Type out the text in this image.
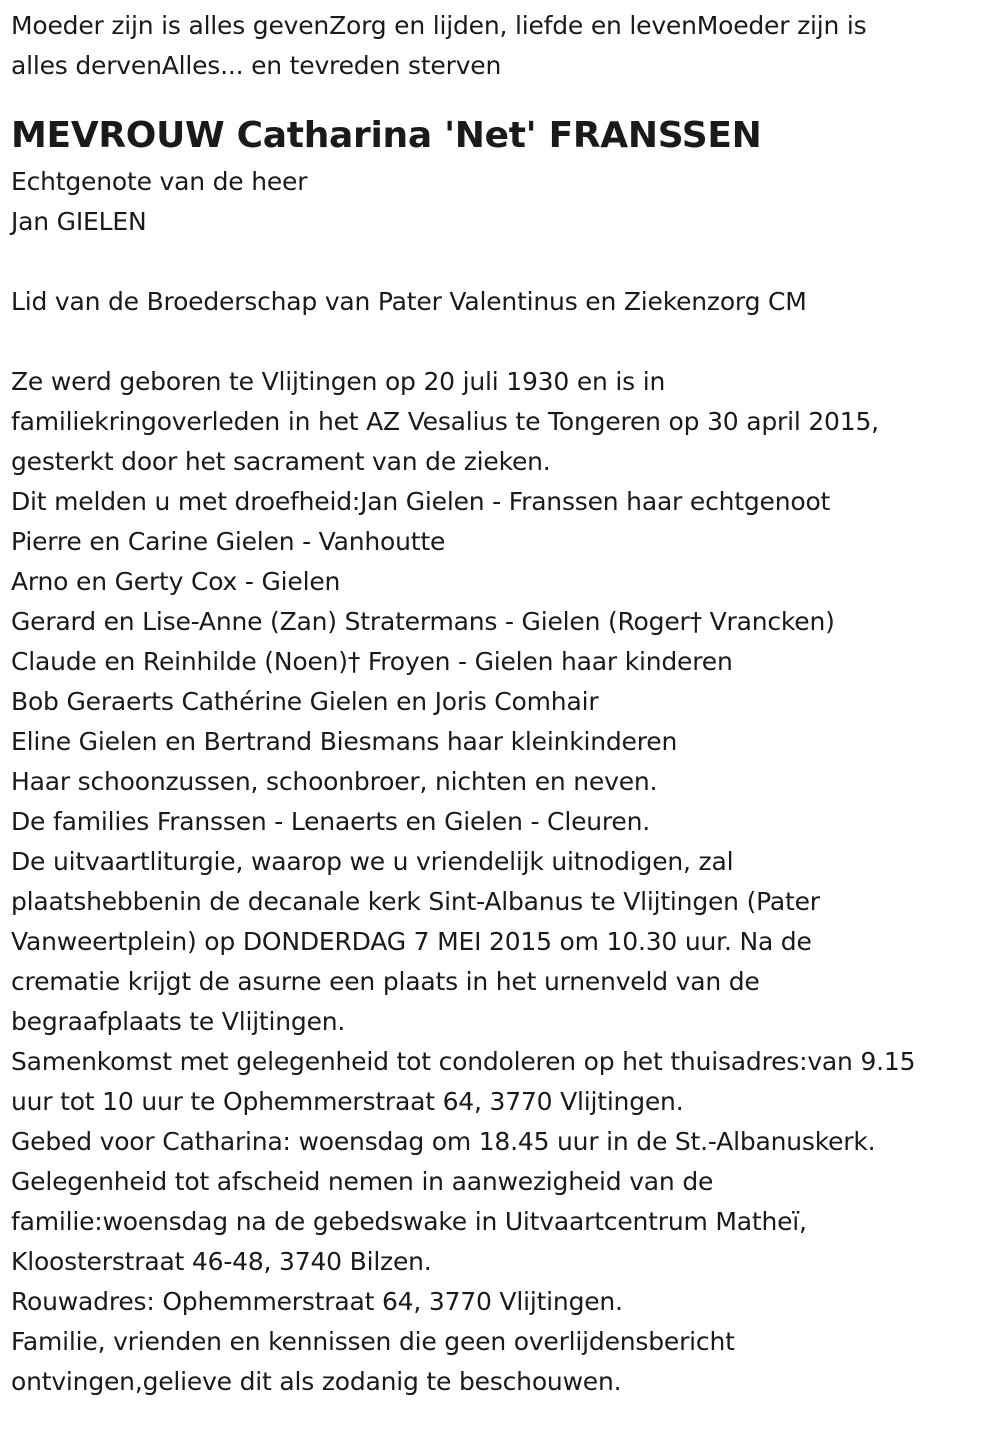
Moeder zijn is alles gevenZorg en lijden, liefde en levenMoeder zijn is
alles dervenAlles... en tevreden sterven
MEVROUW Catharina 'Net' FRANSSEN
Echtgenote van de heer
Jan GIELEN
Lid van de Broederschap van Pater Valentinus en Ziekenzorg CM
Ze werd geboren te Vlijtingen op 20 juli 1930 en is in
familiekringoverleden in het AZ Vesalius te Tongeren op 30 april 2015,
gesterkt door het sacrament van de zieken.
Dit melden u met droefheid:Jan Gielen - Franssen haar echtgenoot
Pierre en Carine Gielen - Vanhoutte
Arno en Gerty Cox - Gielen
Gerard en Lise-Anne (Zan) Stratermans - Gielen (Roger† Vrancken)
Claude en Reinhilde (Noen)† Froyen - Gielen haar kinderen
Bob Geraerts Cathérine Gielen en Joris Comhair
Eline Gielen en Bertrand Biesmans haar kleinkinderen
Haar schoonzussen, schoonbroer, nichten en neven.
De families Franssen - Lenaerts en Gielen - Cleuren.
De uitvaartliturgie, waarop we u vriendelijk uitnodigen, zal
plaatshebbenin de decanale kerk Sint-Albanus te Vlijtingen (Pater
Vanweertplein) op DONDERDAG 7 MEI 2015 om 10.30 uur. Na de
crematie krijgt de asurne een plaats in het urnenveld van de
begraafplaats te Vlijtingen.
Samenkomst met gelegenheid tot condoleren op het thuisadres:van 9.15
uur tot 10 uur te Ophemmerstraat 64, 3770 Vlijtingen.
Gebed voor Catharina: woensdag om 18.45 uur in de St.-Albanuskerk.
Gelegenheid tot afscheid nemen in aanwezigheid van de
familie:woensdag na de gebedswake in Uitvaartcentrum Matheï,
Kloosterstraat 46-48, 3740 Bilzen.
Rouwadres: Ophemmerstraat 64, 3770 Vlijtingen.
Familie, vrienden en kennissen die geen overlijdensbericht
ontvingen,gelieve dit als zodanig te beschouwen.
